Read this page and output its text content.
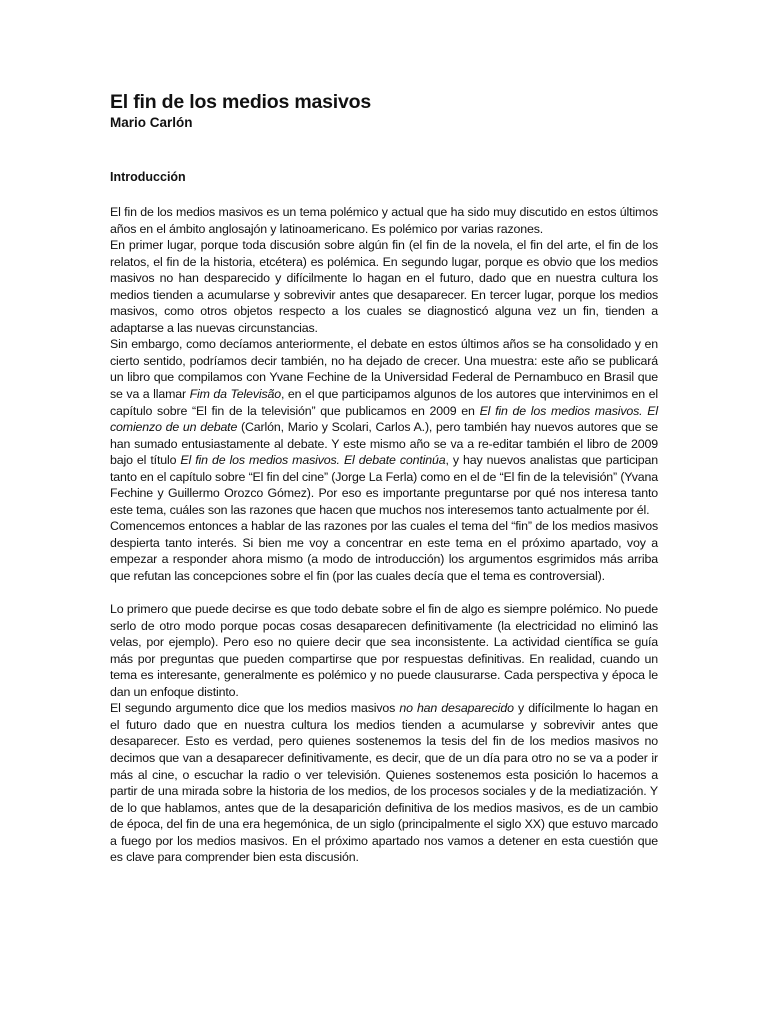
El fin de los medios masivos
Mario Carlón
Introducción

El fin de los medios masivos es un tema polémico y actual que ha sido muy discutido en estos últimos años en el ámbito anglosajón y latinoamericano. Es polémico por varias razones.

En primer lugar, porque toda discusión sobre algún fin (el fin de la novela, el fin del arte, el fin de los relatos, el fin de la historia, etcétera) es polémica. En segundo lugar, porque es obvio que los medios masivos no han desparecido y difícilmente lo hagan en el futuro, dado que en nuestra cultura los medios tienden a acumularse y sobrevivir antes que desaparecer. En tercer lugar, porque los medios masivos, como otros objetos respecto a los cuales se diagnosticó alguna vez un fin, tienden a adaptarse a las nuevas circunstancias.

Sin embargo, como decíamos anteriormente, el debate en estos últimos años se ha consolidado y en cierto sentido, podríamos decir también, no ha dejado de crecer. Una muestra: este año se publicará un libro que compilamos con Yvane Fechine de la Universidad Federal de Pernambuco en Brasil que se va a llamar Fim da Televisão, en el que participamos algunos de los autores que intervinimos en el capítulo sobre “El fin de la televisión” que publicamos en 2009 en El fin de los medios masivos. El comienzo de un debate (Carlón, Mario y Scolari, Carlos A.), pero también hay nuevos autores que se han sumado entusiastamente al debate. Y este mismo año se va a re-editar también el libro de 2009 bajo el título El fin de los medios masivos. El debate continúa, y hay nuevos analistas que participan tanto en el capítulo sobre “El fin del cine” (Jorge La Ferla) como en el de “El fin de la televisión” (Yvana Fechine y Guillermo Orozco Gómez). Por eso es importante preguntarse por qué nos interesa tanto este tema, cuáles son las razones que hacen que muchos nos interesemos tanto actualmente por él.

Comencemos entonces a hablar de las razones por las cuales el tema del “fin” de los medios masivos despierta tanto interés. Si bien me voy a concentrar en este tema en el próximo apartado, voy a empezar a responder ahora mismo (a modo de introducción) los argumentos esgrimidos más arriba que refutan las concepciones sobre el fin (por las cuales decía que el tema es controversial).

Lo primero que puede decirse es que todo debate sobre el fin de algo es siempre polémico. No puede serlo de otro modo porque pocas cosas desaparecen definitivamente (la electricidad no eliminó las velas, por ejemplo). Pero eso no quiere decir que sea inconsistente. La actividad científica se guía más por preguntas que pueden compartirse que por respuestas definitivas. En realidad, cuando un tema es interesante, generalmente es polémico y no puede clausurarse. Cada perspectiva y época le dan un enfoque distinto.

El segundo argumento dice que los medios masivos no han desaparecido y difícilmente lo hagan en el futuro dado que en nuestra cultura los medios tienden a acumularse y sobrevivir antes que desaparecer. Esto es verdad, pero quienes sostenemos la tesis del fin de los medios masivos no decimos que van a desaparecer definitivamente, es decir, que de un día para otro no se va a poder ir más al cine, o escuchar la radio o ver televisión. Quienes sostenemos esta posición lo hacemos a partir de una mirada sobre la historia de los medios, de los procesos sociales y de la mediatización. Y de lo que hablamos, antes que de la desaparición definitiva de los medios masivos, es de un cambio de época, del fin de una era hegemónica, de un siglo (principalmente el siglo XX) que estuvo marcado a fuego por los medios masivos. En el próximo apartado nos vamos a detener en esta cuestión que es clave para comprender bien esta discusión.
